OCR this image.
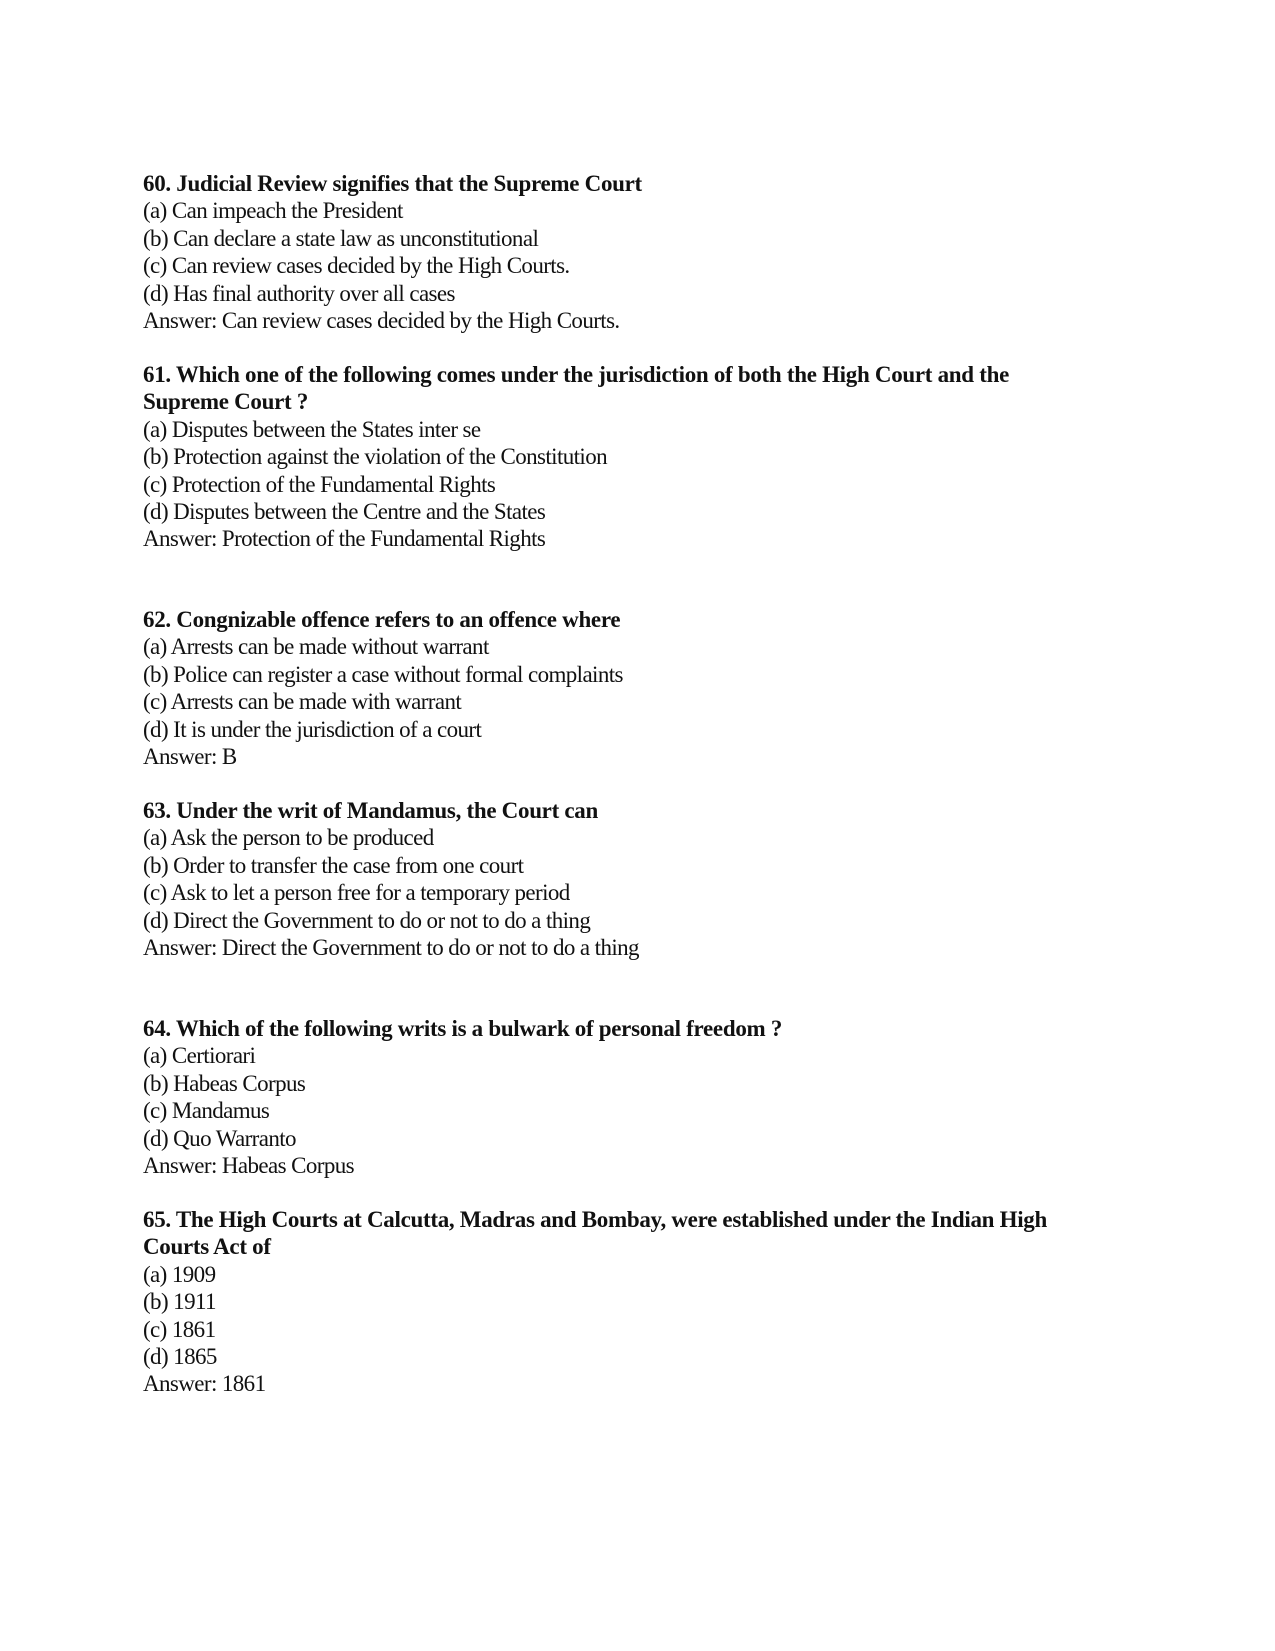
60. Judicial Review signifies that the Supreme Court
(a) Can impeach the President
(b) Can declare a state law as unconstitutional
(c) Can review cases decided by the High Courts.
(d) Has final authority over all cases
Answer: Can review cases decided by the High Courts.
61. Which one of the following comes under the jurisdiction of both the High Court and the Supreme Court ?
(a) Disputes between the States inter se
(b) Protection against the violation of the Constitution
(c) Protection of the Fundamental Rights
(d) Disputes between the Centre and the States
Answer: Protection of the Fundamental Rights
62. Congnizable offence refers to an offence where
(a) Arrests can be made without warrant
(b) Police can register a case without formal complaints
(c) Arrests can be made with warrant
(d) It is under the jurisdiction of a court
Answer: B
63. Under the writ of Mandamus, the Court can
(a) Ask the person to be produced
(b) Order to transfer the case from one court
(c) Ask to let a person free for a temporary period
(d) Direct the Government to do or not to do a thing
Answer: Direct the Government to do or not to do a thing
64. Which of the following writs is a bulwark of personal freedom ?
(a) Certiorari
(b) Habeas Corpus
(c) Mandamus
(d) Quo Warranto
Answer: Habeas Corpus
65. The High Courts at Calcutta, Madras and Bombay, were established under the Indian High Courts Act of
(a) 1909
(b) 1911
(c) 1861
(d) 1865
Answer: 1861
